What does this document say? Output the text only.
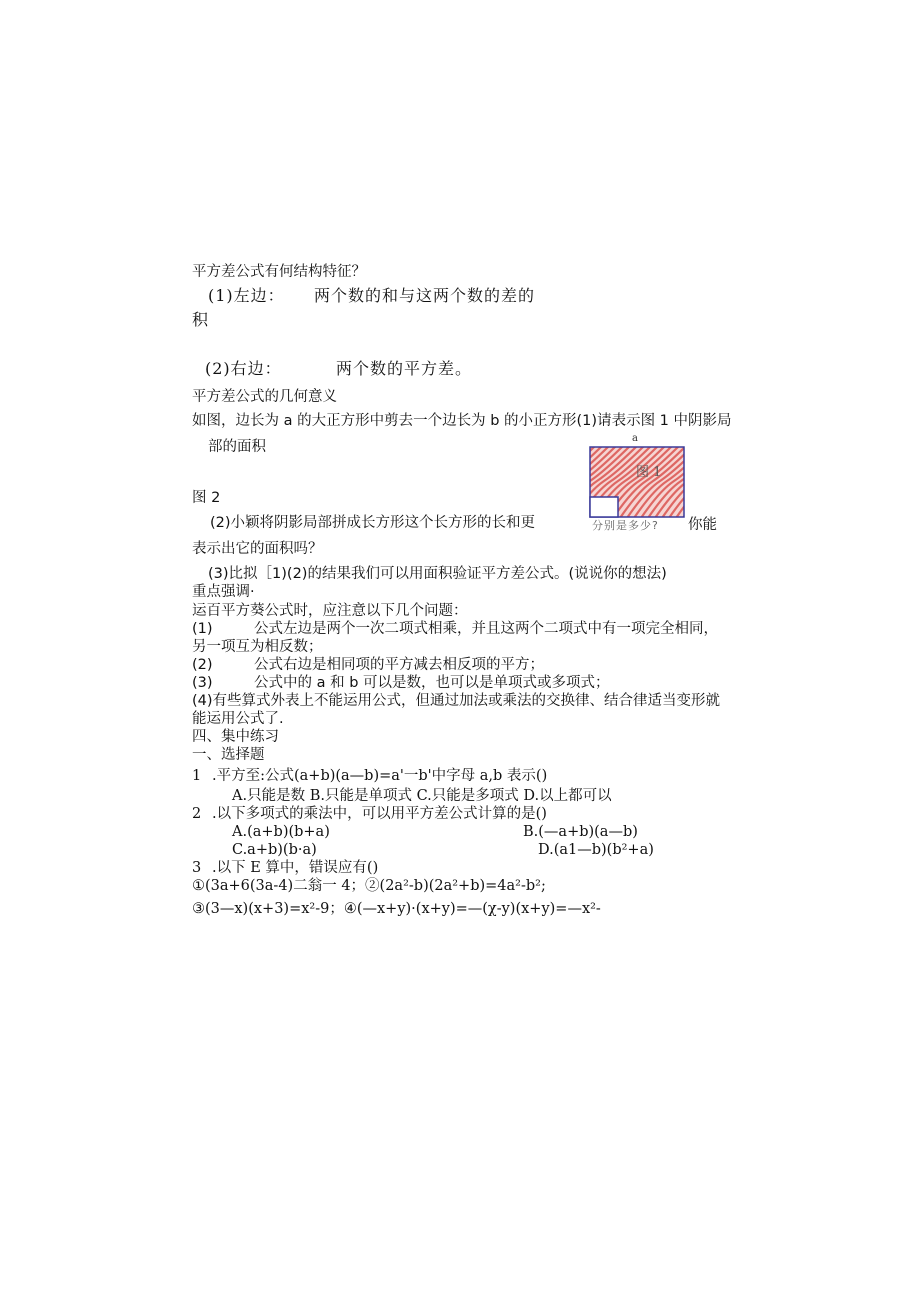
平方差公式有何结构特征？
(1)左边： 两个数的和与这两个数的差的
积
(2)右边：	两个数的平方差。
平方差公式的几何意义
如图，边长为 a 的大正方形中剪去一个边长为 b 的小正方形(1)请表示图 1 中阴影局
部的面积
a
图 1
分别是多少?
图 2
(2)小颖将阴影局部拼成长方形这个长方形的长和更	你能
表示出它的面积吗？
(3)比拟［1)(2)的结果我们可以用面积验证平方差公式。(说说你的想法)
重点强调·
运百平方葵公式时，应注意以下几个问题：
(1)	公式左边是两个一次二项式相乘，并且这两个二项式中有一项完全相同，
另一项互为相反数；
(2)	公式右边是相同项的平方减去相反项的平方；
(3)	公式中的 a 和 b 可以是数，也可以是单项式或多项式；
(4)有些算式外表上不能运用公式，但通过加法或乘法的交换律、结合律适当变形就
能运用公式了.
四、集中练习
一、选择题
1 .平方至:公式(a+b)(a—b)=a'一b'中字母 a,b 表示()
A.只能是数 B.只能是单项式 C.只能是多项式 D.以上都可以
2 .以下多项式的乘法中，可以用平方差公式计算的是()
A.(a+b)(b+a)	B.(—a+b)(a—b)
C.a+b)(b·a)	D.(a1—b)(b²+a)
3 .以下 E 算中，错误应有()
①(3a+6(3a-4)二翁一 4；②(2a²-b)(2a²+b)=4a²-b²;
③(3—x)(x+3)=x²-9；④(—x+y)·(x+y)=—(χ-y)(x+y)=—x²-
